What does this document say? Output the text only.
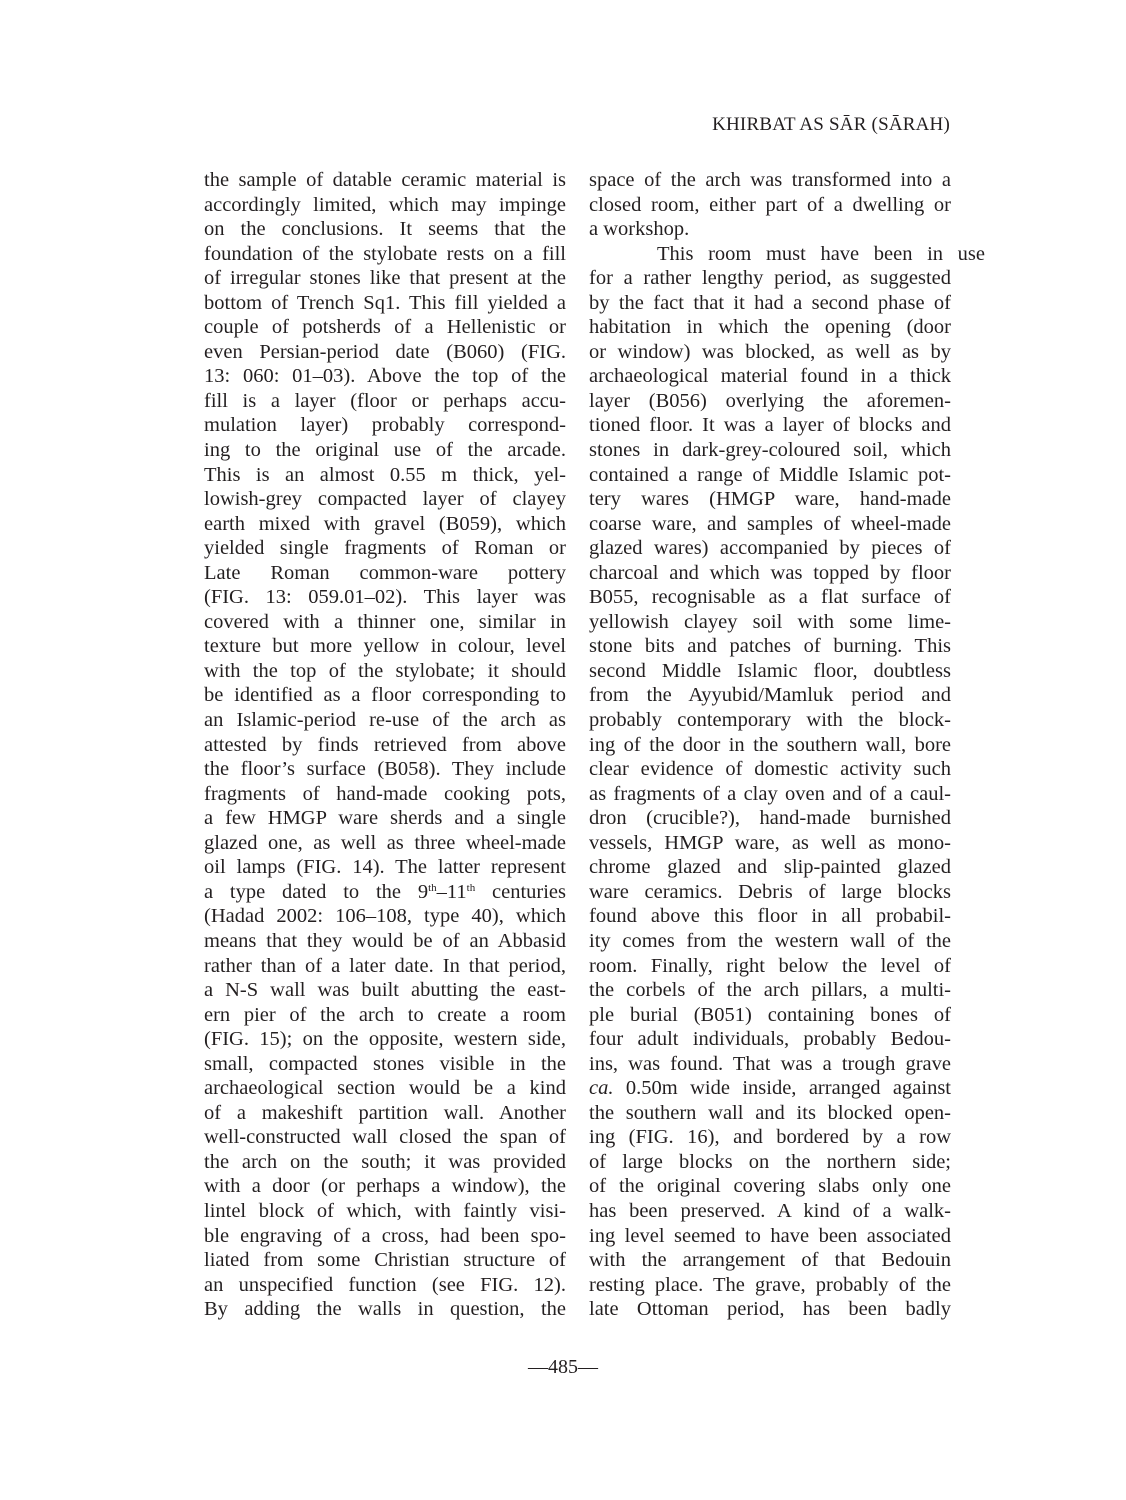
KHIRBAT AS SĀR (SĀRAH)
the sample of datable ceramic material is
accordingly limited, which may impinge
on the conclusions. It seems that the
foundation of the stylobate rests on a fill
of irregular stones like that present at the
bottom of Trench Sq1. This fill yielded a
couple of potsherds of a Hellenistic or
even Persian-period date (B060) (FIG.
13: 060: 01–03). Above the top of the
fill is a layer (floor or perhaps accu-
mulation layer) probably correspond-
ing to the original use of the arcade.
This is an almost 0.55 m thick, yel-
lowish-grey compacted layer of clayey
earth mixed with gravel (B059), which
yielded single fragments of Roman or
Late Roman common-ware pottery
(FIG. 13: 059.01–02). This layer was
covered with a thinner one, similar in
texture but more yellow in colour, level
with the top of the stylobate; it should
be identified as a floor corresponding to
an Islamic-period re-use of the arch as
attested by finds retrieved from above
the floor’s surface (B058). They include
fragments of hand-made cooking pots,
a few HMGP ware sherds and a single
glazed one, as well as three wheel-made
oil lamps (FIG. 14). The latter represent
a type dated to the 9th–11th centuries
(Hadad 2002: 106–108, type 40), which
means that they would be of an Abbasid
rather than of a later date. In that period,
a N-S wall was built abutting the east-
ern pier of the arch to create a room
(FIG. 15); on the opposite, western side,
small, compacted stones visible in the
archaeological section would be a kind
of a makeshift partition wall. Another
well-constructed wall closed the span of
the arch on the south; it was provided
with a door (or perhaps a window), the
lintel block of which, with faintly visi-
ble engraving of a cross, had been spo-
liated from some Christian structure of
an unspecified function (see FIG. 12).
By adding the walls in question, the
space of the arch was transformed into a
closed room, either part of a dwelling or
a workshop.
This room must have been in use
for a rather lengthy period, as suggested
by the fact that it had a second phase of
habitation in which the opening (door
or window) was blocked, as well as by
archaeological material found in a thick
layer (B056) overlying the aforemen-
tioned floor. It was a layer of blocks and
stones in dark-grey-coloured soil, which
contained a range of Middle Islamic pot-
tery wares (HMGP ware, hand-made
coarse ware, and samples of wheel-made
glazed wares) accompanied by pieces of
charcoal and which was topped by floor
B055, recognisable as a flat surface of
yellowish clayey soil with some lime-
stone bits and patches of burning. This
second Middle Islamic floor, doubtless
from the Ayyubid/Mamluk period and
probably contemporary with the block-
ing of the door in the southern wall, bore
clear evidence of domestic activity such
as fragments of a clay oven and of a caul-
dron (crucible?), hand-made burnished
vessels, HMGP ware, as well as mono-
chrome glazed and slip-painted glazed
ware ceramics. Debris of large blocks
found above this floor in all probabil-
ity comes from the western wall of the
room. Finally, right below the level of
the corbels of the arch pillars, a multi-
ple burial (B051) containing bones of
four adult individuals, probably Bedou-
ins, was found. That was a trough grave
ca. 0.50m wide inside, arranged against
the southern wall and its blocked open-
ing (FIG. 16), and bordered by a row
of large blocks on the northern side;
of the original covering slabs only one
has been preserved. A kind of a walk-
ing level seemed to have been associated
with the arrangement of that Bedouin
resting place. The grave, probably of the
late Ottoman period, has been badly
—485—
